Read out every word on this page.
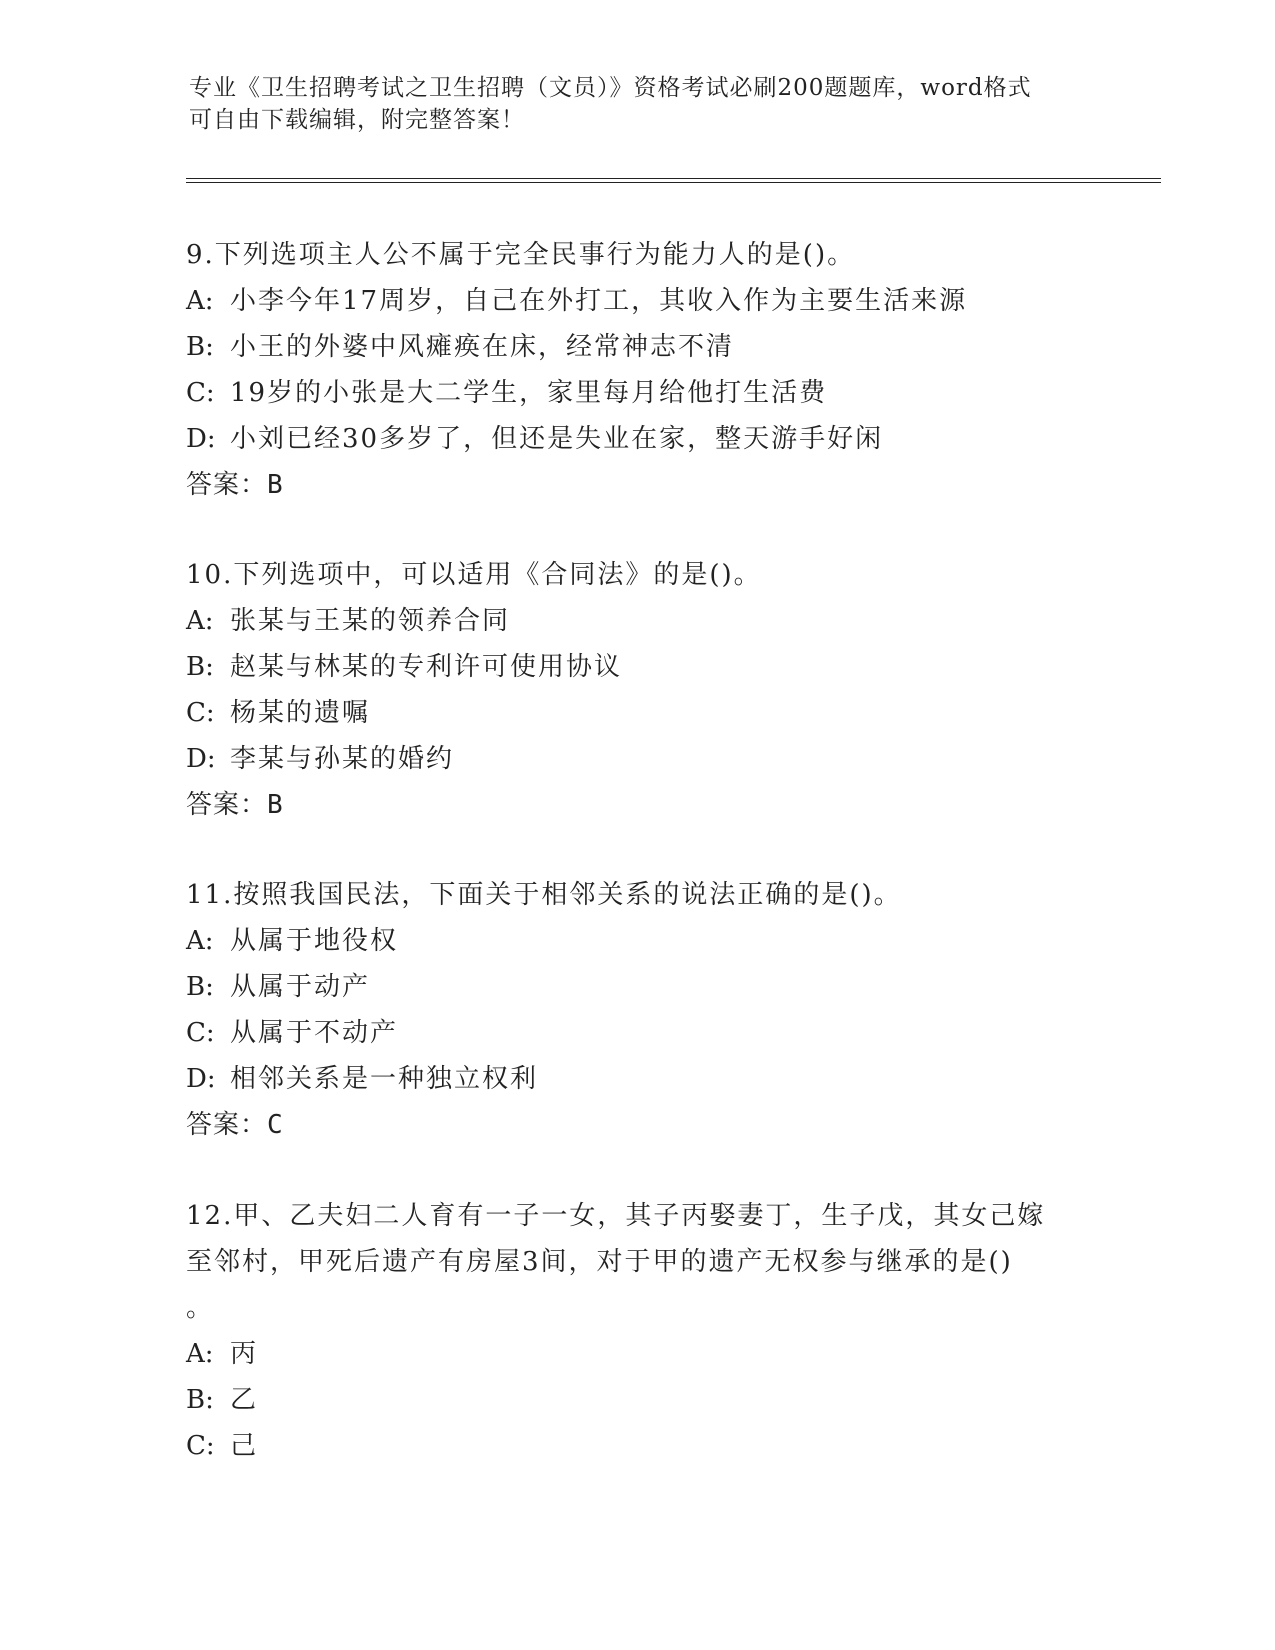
专业《卫生招聘考试之卫生招聘（文员）》资格考试必刷200题题库，word格式
可自由下载编辑，附完整答案！

9.下列选项主人公不属于完全民事行为能力人的是()。

A: 小李今年17周岁，自己在外打工，其收入作为主要生活来源

B: 小王的外婆中风瘫痪在床，经常神志不清

C: 19岁的小张是大二学生，家里每月给他打生活费

D: 小刘已经30多岁了，但还是失业在家，整天游手好闲

答案：B

10.下列选项中，可以适用《合同法》的是()。

A: 张某与王某的领养合同

B: 赵某与林某的专利许可使用协议

C: 杨某的遗嘱

D: 李某与孙某的婚约

答案：B

11.按照我国民法，下面关于相邻关系的说法正确的是()。

A: 从属于地役权

B: 从属于动产

C: 从属于不动产

D: 相邻关系是一种独立权利

答案：C

12.甲、乙夫妇二人育有一子一女，其子丙娶妻丁，生子戊，其女己嫁

至邻村，甲死后遗产有房屋3间，对于甲的遗产无权参与继承的是()

。

A: 丙

B: 乙

C: 己
